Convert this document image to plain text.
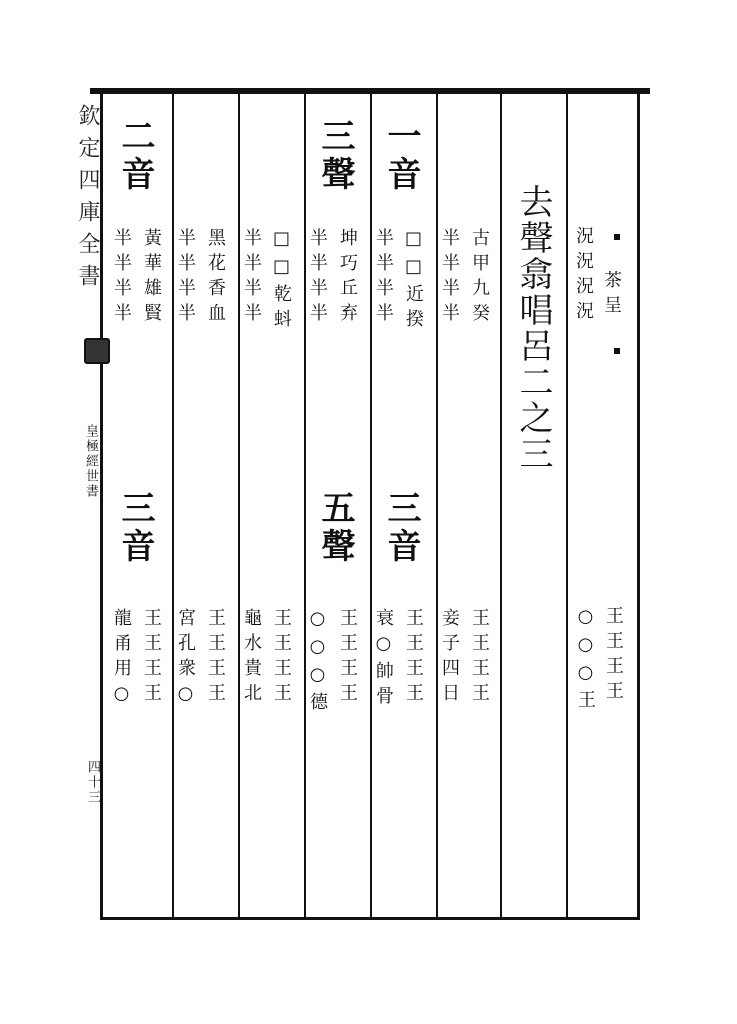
欽定四庫全書
皇極經世書
四十三
茶呈
況況況況
○○○王 王王王王
去聲翕唱呂二之三
古甲九癸
王王王王
半半半半
妾子四日
一音
□□近揆
三音
王王王王
半半半半
衰○帥骨
三聲
坤巧丘弃
五聲
王王王王
半半半半
○○○德
□□乾蚪
王王王王
半半半半
龜水貴北
黑花香血
王王王王
半半半半
宮孔衆○
二音
黃華雄賢
三音
王王王王
半半半半
龍甬用○
